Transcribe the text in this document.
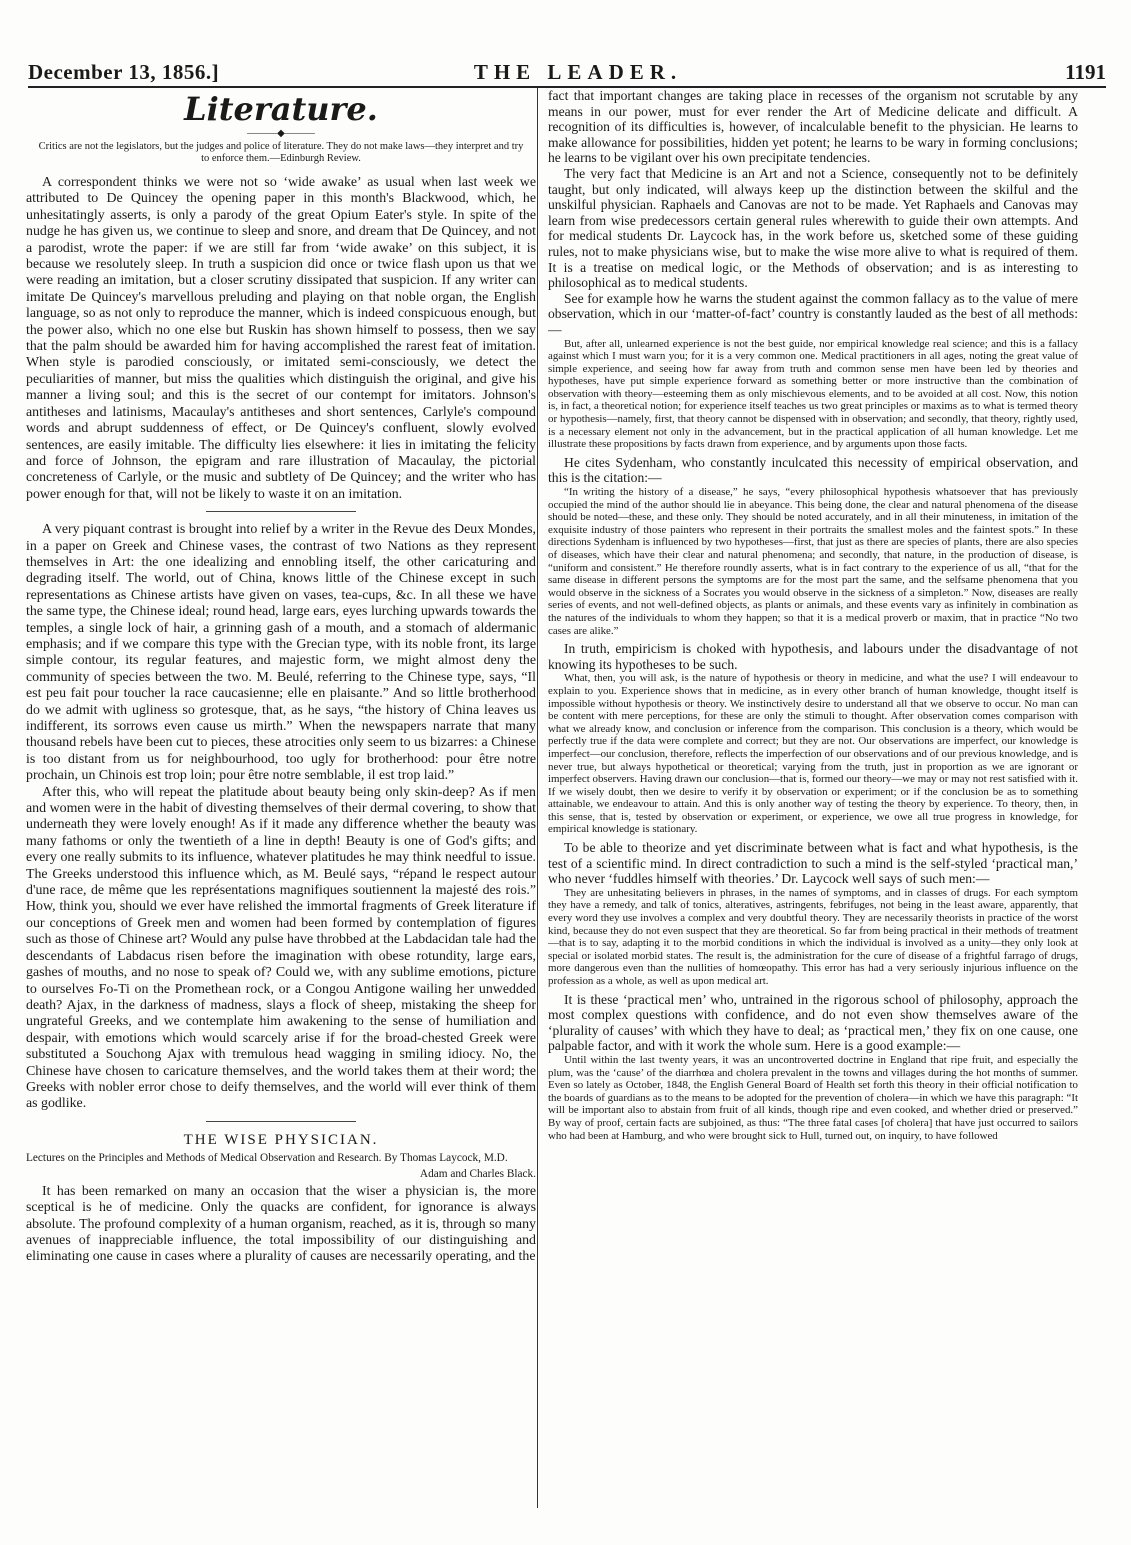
December 13, 1856.]	THE LEADER.	1191
Literature.
———◆———
Critics are not the legislators, but the judges and police of literature. They do not make laws—they interpret and try to enforce them.—Edinburgh Review.

A correspondent thinks we were not so ‘wide awake’ as usual when last week we attributed to De Quincey the opening paper in this month's Blackwood, which, he unhesitatingly asserts, is only a parody of the great Opium Eater's style. In spite of the nudge he has given us, we continue to sleep and snore, and dream that De Quincey, and not a parodist, wrote the paper: if we are still far from ‘wide awake’ on this subject, it is because we resolutely sleep. In truth a suspicion did once or twice flash upon us that we were reading an imitation, but a closer scrutiny dissipated that suspicion. If any writer can imitate De Quincey's marvellous preluding and playing on that noble organ, the English language, so as not only to reproduce the manner, which is indeed conspicuous enough, but the power also, which no one else but Ruskin has shown himself to possess, then we say that the palm should be awarded him for having accomplished the rarest feat of imitation. When style is parodied consciously, or imitated semi-consciously, we detect the peculiarities of manner, but miss the qualities which distinguish the original, and give his manner a living soul; and this is the secret of our contempt for imitators. Johnson's antitheses and latinisms, Macaulay's antitheses and short sentences, Carlyle's compound words and abrupt suddenness of effect, or De Quincey's confluent, slowly evolved sentences, are easily imitable. The difficulty lies elsewhere: it lies in imitating the felicity and force of Johnson, the epigram and rare illustration of Macaulay, the pictorial concreteness of Carlyle, or the music and subtlety of De Quincey; and the writer who has power enough for that, will not be likely to waste it on an imitation.

A very piquant contrast is brought into relief by a writer in the Revue des Deux Mondes, in a paper on Greek and Chinese vases, the contrast of two Nations as they represent themselves in Art: the one idealizing and ennobling itself, the other caricaturing and degrading itself. The world, out of China, knows little of the Chinese except in such representations as Chinese artists have given on vases, tea-cups, &c. In all these we have the same type, the Chinese ideal; round head, large ears, eyes lurching upwards towards the temples, a single lock of hair, a grinning gash of a mouth, and a stomach of aldermanic emphasis; and if we compare this type with the Grecian type, with its noble front, its large simple contour, its regular features, and majestic form, we might almost deny the community of species between the two. M. Beulé, referring to the Chinese type, says, “Il est peu fait pour toucher la race caucasienne; elle en plaisante.” And so little brotherhood do we admit with ugliness so grotesque, that, as he says, “the history of China leaves us indifferent, its sorrows even cause us mirth.” When the newspapers narrate that many thousand rebels have been cut to pieces, these atrocities only seem to us bizarres: a Chinese is too distant from us for neighbourhood, too ugly for brotherhood: pour être notre prochain, un Chinois est trop loin; pour être notre semblable, il est trop laid.”

After this, who will repeat the platitude about beauty being only skin-deep? As if men and women were in the habit of divesting themselves of their dermal covering, to show that underneath they were lovely enough! As if it made any difference whether the beauty was many fathoms or only the twentieth of a line in depth! Beauty is one of God's gifts; and every one really submits to its influence, whatever platitudes he may think needful to issue. The Greeks understood this influence which, as M. Beulé says, “répand le respect autour d'une race, de même que les représentations magnifiques soutiennent la majesté des rois.” How, think you, should we ever have relished the immortal fragments of Greek literature if our conceptions of Greek men and women had been formed by contemplation of figures such as those of Chinese art? Would any pulse have throbbed at the Labdacidan tale had the descendants of Labdacus risen before the imagination with obese rotundity, large ears, gashes of mouths, and no nose to speak of? Could we, with any sublime emotions, picture to ourselves Fo-Ti on the Promethean rock, or a Congou Antigone wailing her unwedded death? Ajax, in the darkness of madness, slays a flock of sheep, mistaking the sheep for ungrateful Greeks, and we contemplate him awakening to the sense of humiliation and despair, with emotions which would scarcely arise if for the broad-chested Greek were substituted a Souchong Ajax with tremulous head wagging in smiling idiocy. No, the Chinese have chosen to caricature themselves, and the world takes them at their word; the Greeks with nobler error chose to deify themselves, and the world will ever think of them as godlike.

THE WISE PHYSICIAN.

Lectures on the Principles and Methods of Medical Observation and Research. By Thomas Laycock, M.D.

Adam and Charles Black.

It has been remarked on many an occasion that the wiser a physician is, the more sceptical is he of medicine. Only the quacks are confident, for ignorance is always absolute. The profound complexity of a human organism, reached, as it is, through so many avenues of inappreciable influence, the total impossibility of our distinguishing and eliminating one cause in cases where a plurality of causes are necessarily operating, and the

fact that important changes are taking place in recesses of the organism not scrutable by any means in our power, must for ever render the Art of Medicine delicate and difficult. A recognition of its difficulties is, however, of incalculable benefit to the physician. He learns to make allowance for possibilities, hidden yet potent; he learns to be wary in forming conclusions; he learns to be vigilant over his own precipitate tendencies.

The very fact that Medicine is an Art and not a Science, consequently not to be definitely taught, but only indicated, will always keep up the distinction between the skilful and the unskilful physician. Raphaels and Canovas are not to be made. Yet Raphaels and Canovas may learn from wise predecessors certain general rules wherewith to guide their own attempts. And for medical students Dr. Laycock has, in the work before us, sketched some of these guiding rules, not to make physicians wise, but to make the wise more alive to what is required of them. It is a treatise on medical logic, or the Methods of observation; and is as interesting to philosophical as to medical students.

See for example how he warns the student against the common fallacy as to the value of mere observation, which in our ‘matter-of-fact’ country is constantly lauded as the best of all methods:—

But, after all, unlearned experience is not the best guide, nor empirical knowledge real science; and this is a fallacy against which I must warn you; for it is a very common one. Medical practitioners in all ages, noting the great value of simple experience, and seeing how far away from truth and common sense men have been led by theories and hypotheses, have put simple experience forward as something better or more instructive than the combination of observation with theory—esteeming them as only mischievous elements, and to be avoided at all cost. Now, this notion is, in fact, a theoretical notion; for experience itself teaches us two great principles or maxims as to what is termed theory or hypothesis—namely, first, that theory cannot be dispensed with in observation; and secondly, that theory, rightly used, is a necessary element not only in the advancement, but in the practical application of all human knowledge. Let me illustrate these propositions by facts drawn from experience, and by arguments upon those facts.

He cites Sydenham, who constantly inculcated this necessity of empirical observation, and this is the citation:—

“In writing the history of a disease,” he says, “every philosophical hypothesis whatsoever that has previously occupied the mind of the author should lie in abeyance. This being done, the clear and natural phenomena of the disease should be noted—these, and these only. They should be noted accurately, and in all their minuteness, in imitation of the exquisite industry of those painters who represent in their portraits the smallest moles and the faintest spots.” In these directions Sydenham is influenced by two hypotheses—first, that just as there are species of plants, there are also species of diseases, which have their clear and natural phenomena; and secondly, that nature, in the production of disease, is “uniform and consistent.” He therefore roundly asserts, what is in fact contrary to the experience of us all, “that for the same disease in different persons the symptoms are for the most part the same, and the selfsame phenomena that you would observe in the sickness of a Socrates you would observe in the sickness of a simpleton.” Now, diseases are really series of events, and not well-defined objects, as plants or animals, and these events vary as infinitely in combination as the natures of the individuals to whom they happen; so that it is a medical proverb or maxim, that in practice “No two cases are alike.”

In truth, empiricism is choked with hypothesis, and labours under the disadvantage of not knowing its hypotheses to be such.

What, then, you will ask, is the nature of hypothesis or theory in medicine, and what the use? I will endeavour to explain to you. Experience shows that in medicine, as in every other branch of human knowledge, thought itself is impossible without hypothesis or theory. We instinctively desire to understand all that we observe to occur. No man can be content with mere perceptions, for these are only the stimuli to thought. After observation comes comparison with what we already know, and conclusion or inference from the comparison. This conclusion is a theory, which would be perfectly true if the data were complete and correct; but they are not. Our observations are imperfect, our knowledge is imperfect—our conclusion, therefore, reflects the imperfection of our observations and of our previous knowledge, and is never true, but always hypothetical or theoretical; varying from the truth, just in proportion as we are ignorant or imperfect observers. Having drawn our conclusion—that is, formed our theory—we may or may not rest satisfied with it. If we wisely doubt, then we desire to verify it by observation or experiment; or if the conclusion be as to something attainable, we endeavour to attain. And this is only another way of testing the theory by experience. To theory, then, in this sense, that is, tested by observation or experiment, or experience, we owe all true progress in knowledge, for empirical knowledge is stationary.

To be able to theorize and yet discriminate between what is fact and what hypothesis, is the test of a scientific mind. In direct contradiction to such a mind is the self-styled ‘practical man,’ who never ‘fuddles himself with theories.’ Dr. Laycock well says of such men:—

They are unhesitating believers in phrases, in the names of symptoms, and in classes of drugs. For each symptom they have a remedy, and talk of tonics, alteratives, astringents, febrifuges, not being in the least aware, apparently, that every word they use involves a complex and very doubtful theory. They are necessarily theorists in practice of the worst kind, because they do not even suspect that they are theoretical. So far from being practical in their methods of treatment—that is to say, adapting it to the morbid conditions in which the individual is involved as a unity—they only look at special or isolated morbid states. The result is, the administration for the cure of disease of a frightful farrago of drugs, more dangerous even than the nullities of homœopathy. This error has had a very seriously injurious influence on the profession as a whole, as well as upon medical art.

It is these ‘practical men’ who, untrained in the rigorous school of philosophy, approach the most complex questions with confidence, and do not even show themselves aware of the ‘plurality of causes’ with which they have to deal; as ‘practical men,’ they fix on one cause, one palpable factor, and with it work the whole sum. Here is a good example:—

Until within the last twenty years, it was an uncontroverted doctrine in England that ripe fruit, and especially the plum, was the ‘cause’ of the diarrhœa and cholera prevalent in the towns and villages during the hot months of summer. Even so lately as October, 1848, the English General Board of Health set forth this theory in their official notification to the boards of guardians as to the means to be adopted for the prevention of cholera—in which we have this paragraph: “It will be important also to abstain from fruit of all kinds, though ripe and even cooked, and whether dried or preserved.” By way of proof, certain facts are subjoined, as thus: “The three fatal cases [of cholera] that have just occurred to sailors who had been at Hamburg, and who were brought sick to Hull, turned out, on inquiry, to have followed
